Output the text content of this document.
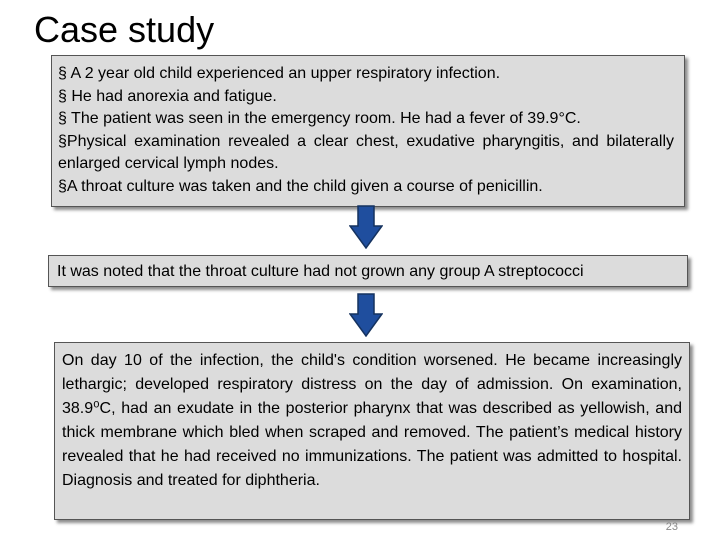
Case study
§ A 2 year old child experienced an upper respiratory infection.
§ He had anorexia and fatigue.
§ The patient was seen in the emergency room. He had a fever of 39.9°C.
§Physical examination revealed a clear chest, exudative pharyngitis, and bilaterally enlarged cervical lymph nodes.
§A throat culture was taken and the child given a course of penicillin.
It was noted that the throat culture had not grown any group A streptococci
On day 10 of the infection, the child's condition worsened. He became increasingly lethargic; developed respiratory distress on the day of admission. On examination, 38.9⁰C, had an exudate in the posterior pharynx that was described as yellowish, and thick membrane which bled when scraped and removed. The patient’s medical history revealed that he had received no immunizations. The patient was admitted to hospital. Diagnosis and treated for diphtheria.
23
